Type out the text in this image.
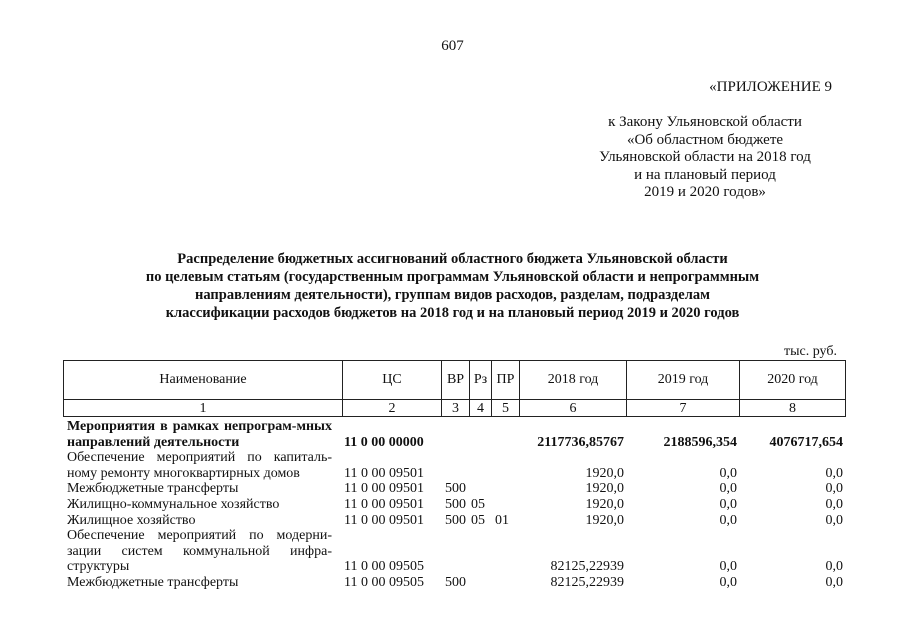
607
«ПРИЛОЖЕНИЕ 9
к Закону Ульяновской области
«Об областном бюджете
Ульяновской области на 2018 год
и на плановый период
2019 и 2020 годов»
Распределение бюджетных ассигнований областного бюджета Ульяновской области
по целевым статьям (государственным программам Ульяновской области и непрограммным
направлениям деятельности), группам видов расходов, разделам, подразделам
классификации расходов бюджетов на 2018 год и на плановый период 2019 и 2020 годов
тыс. руб.
Наименование	ЦС	ВР	Рз	ПР	2018 год	2019 год	2020 год
1	2	3	4	5	6	7	8
Мероприятия в рамках непрограм-мных направлений деятельности	11 0 00 00000				2117736,85767	2188596,354	4076717,654
Обеспечение мероприятий по капиталь-ному ремонту многоквартирных домов	11 0 00 09501				1920,0	0,0	0,0
Межбюджетные трансферты	11 0 00 09501	500			1920,0	0,0	0,0
Жилищно-коммунальное хозяйство	11 0 00 09501	500	05		1920,0	0,0	0,0
Жилищное хозяйство	11 0 00 09501	500	05	01	1920,0	0,0	0,0
Обеспечение мероприятий по модерни-зации систем коммунальной инфра-структуры	11 0 00 09505				82125,22939	0,0	0,0
Межбюджетные трансферты	11 0 00 09505	500			82125,22939	0,0	0,0
